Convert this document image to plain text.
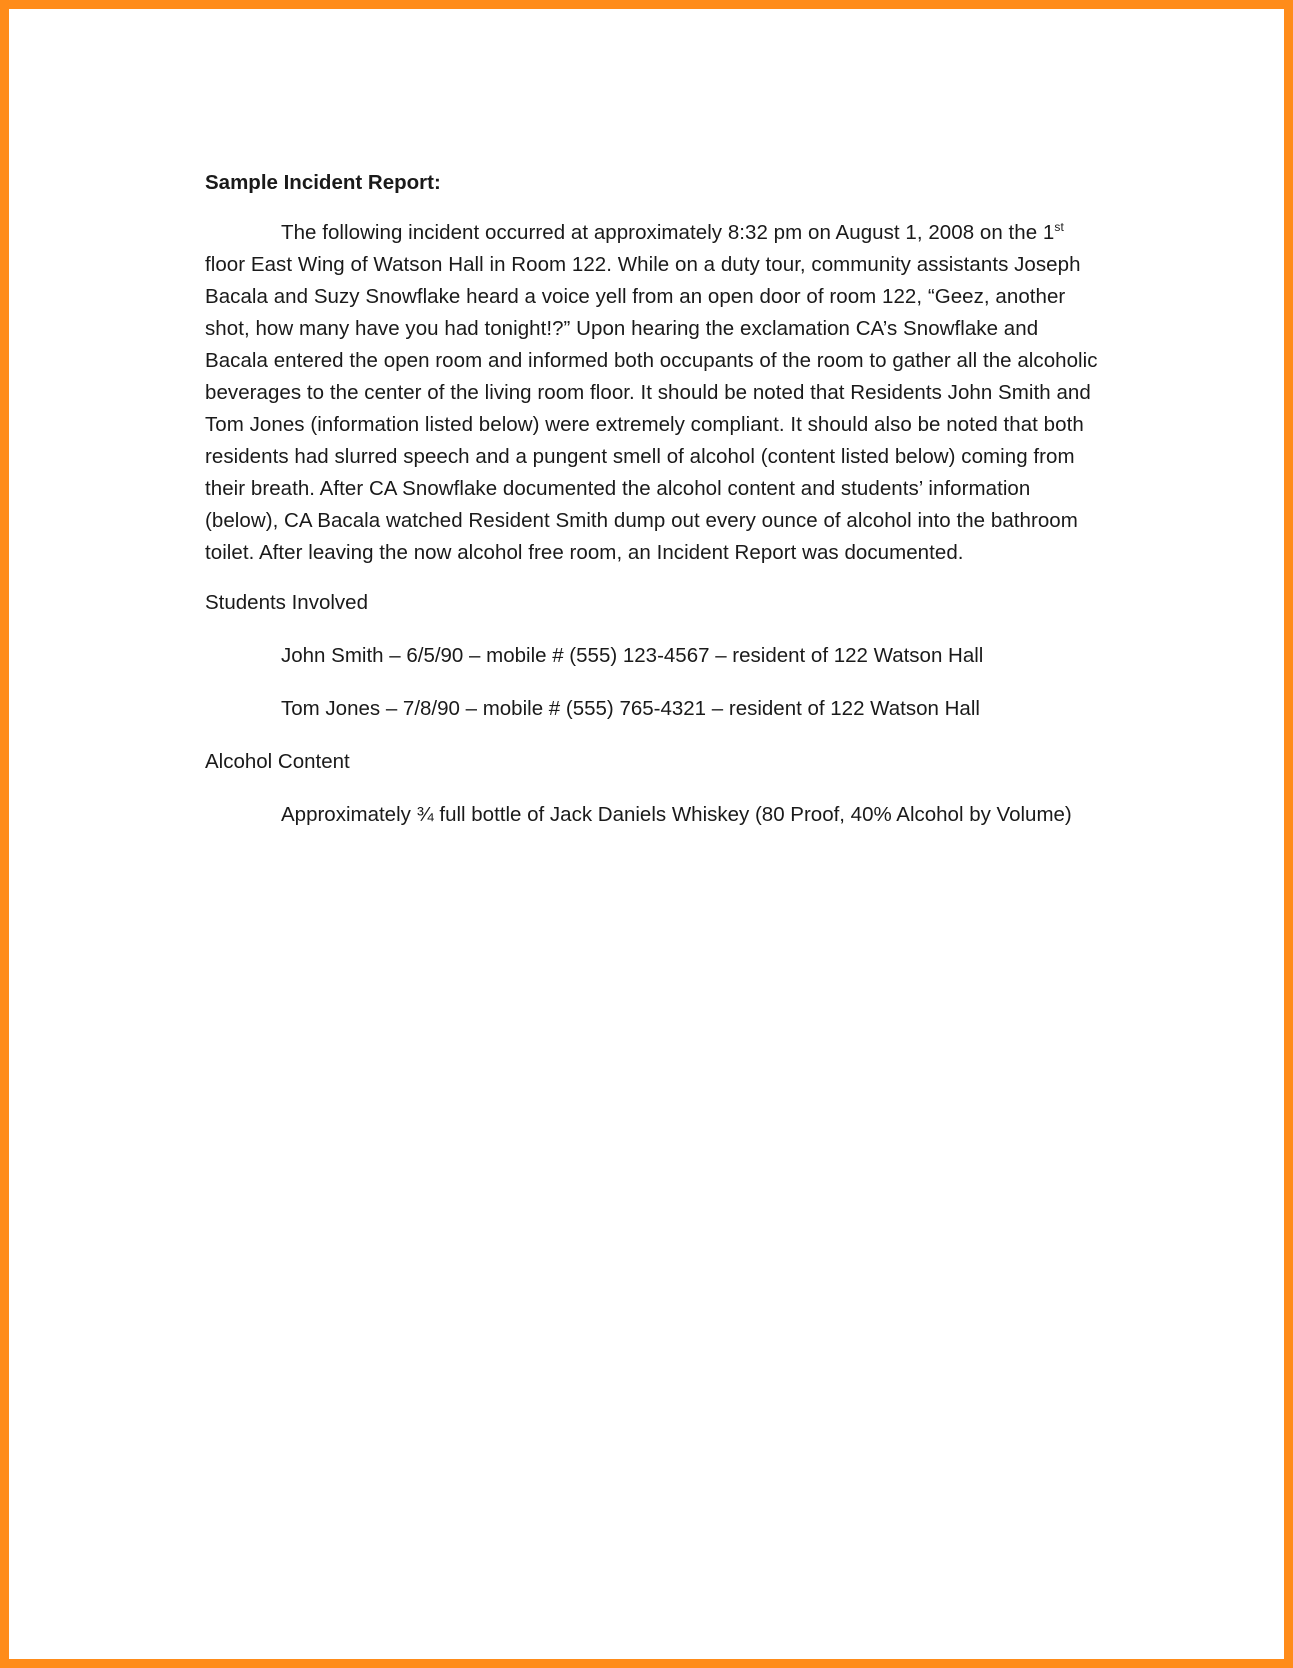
Sample Incident Report:

The following incident occurred at approximately 8:32 pm on August 1, 2008 on the 1st floor East Wing of Watson Hall in Room 122. While on a duty tour, community assistants Joseph Bacala and Suzy Snowflake heard a voice yell from an open door of room 122, “Geez, another shot, how many have you had tonight!?” Upon hearing the exclamation CA’s Snowflake and Bacala entered the open room and informed both occupants of the room to gather all the alcoholic beverages to the center of the living room floor. It should be noted that Residents John Smith and Tom Jones (information listed below) were extremely compliant. It should also be noted that both residents had slurred speech and a pungent smell of alcohol (content listed below) coming from their breath. After CA Snowflake documented the alcohol content and students’ information (below), CA Bacala watched Resident Smith dump out every ounce of alcohol into the bathroom toilet. After leaving the now alcohol free room, an Incident Report was documented.

Students Involved

John Smith – 6/5/90 – mobile # (555) 123-4567 – resident of 122 Watson Hall

Tom Jones – 7/8/90 – mobile # (555) 765-4321 – resident of 122 Watson Hall

Alcohol Content

Approximately ¾ full bottle of Jack Daniels Whiskey (80 Proof, 40% Alcohol by Volume)
